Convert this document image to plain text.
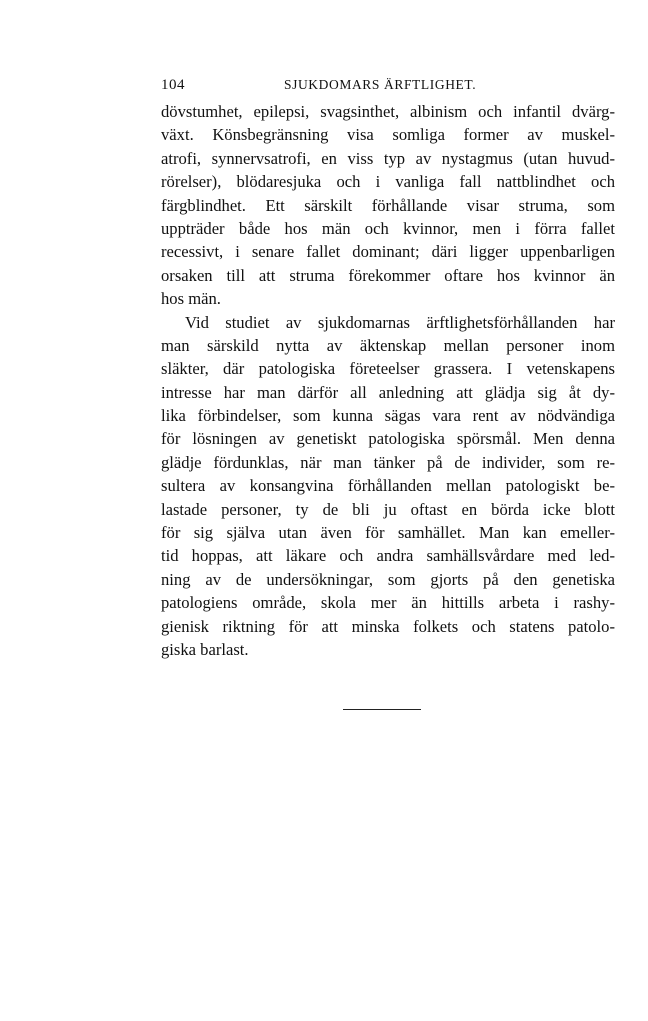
104	SJUKDOMARS ÄRFTLIGHET.
dövstumhet, epilepsi, svagsinthet, albinism och infantil dvärg-
växt. Könsbegränsning visa somliga former av muskel-
atrofi, synnervsatrofi, en viss typ av nystagmus (utan huvud-
rörelser), blödaresjuka och i vanliga fall nattblindhet och
färgblindhet. Ett särskilt förhållande visar struma, som
uppträder både hos män och kvinnor, men i förra fallet
recessivt, i senare fallet dominant; däri ligger uppenbarligen
orsaken till att struma förekommer oftare hos kvinnor än
hos män.
Vid studiet av sjukdomarnas ärftlighetsförhållanden har
man särskild nytta av äktenskap mellan personer inom
släkter, där patologiska företeelser grassera. I vetenskapens
intresse har man därför all anledning att glädja sig åt dy-
lika förbindelser, som kunna sägas vara rent av nödvändiga
för lösningen av genetiskt patologiska spörsmål. Men denna
glädje fördunklas, när man tänker på de individer, som re-
sultera av konsangvina förhållanden mellan patologiskt be-
lastade personer, ty de bli ju oftast en börda icke blott
för sig själva utan även för samhället. Man kan emeller-
tid hoppas, att läkare och andra samhällsvårdare med led-
ning av de undersökningar, som gjorts på den genetiska
patologiens område, skola mer än hittills arbeta i rashy-
gienisk riktning för att minska folkets och statens patolo-
giska barlast.
